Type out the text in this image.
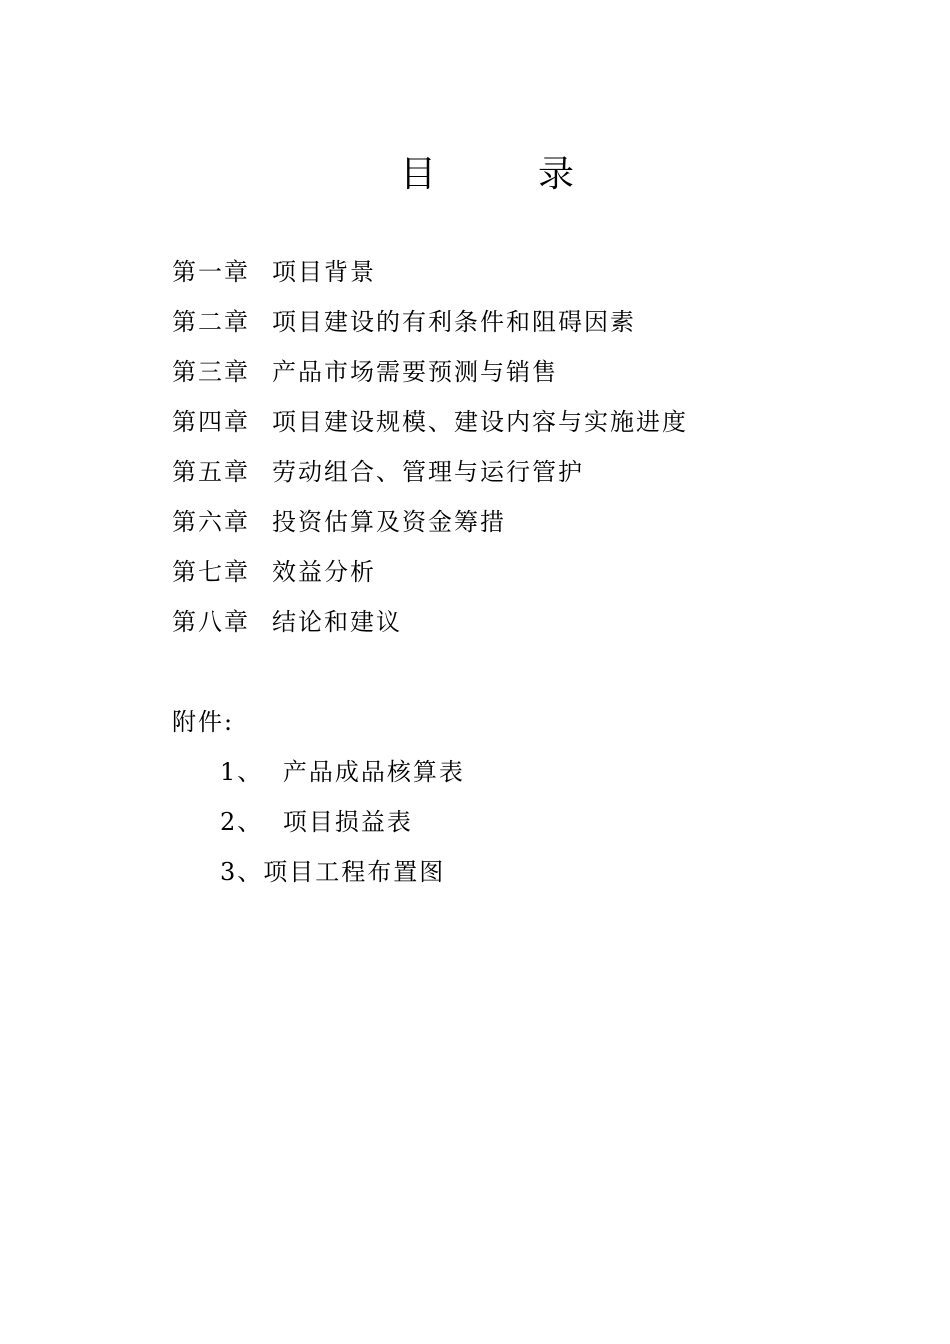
目	录
第一章 项目背景
第二章 项目建设的有利条件和阻碍因素
第三章 产品市场需要预测与销售
第四章 项目建设规模、建设内容与实施进度
第五章 劳动组合、管理与运行管护
第六章 投资估算及资金筹措
第七章 效益分析
第八章 结论和建议
附件:
1、 产品成品核算表
2、 项目损益表
3、项目工程布置图
